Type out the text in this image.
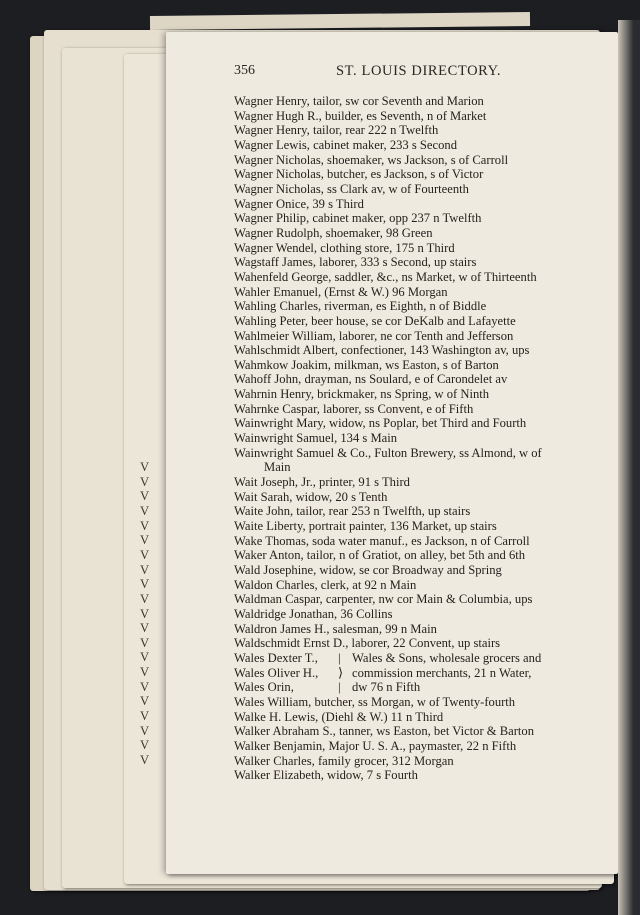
V
V
V
V
V
V
V
V
V
V
V
V
V
V
V
V
V
V
V
V
V
356	ST. LOUIS DIRECTORY.
Wagner Henry, tailor, sw cor Seventh and Marion
Wagner Hugh R., builder, es Seventh, n of Market
Wagner Henry, tailor, rear 222 n Twelfth
Wagner Lewis, cabinet maker, 233 s Second
Wagner Nicholas, shoemaker, ws Jackson, s of Carroll
Wagner Nicholas, butcher, es Jackson, s of Victor
Wagner Nicholas, ss Clark av, w of Fourteenth
Wagner Onice, 39 s Third
Wagner Philip, cabinet maker, opp 237 n Twelfth
Wagner Rudolph, shoemaker, 98 Green
Wagner Wendel, clothing store, 175 n Third
Wagstaff James, laborer, 333 s Second, up stairs
Wahenfeld George, saddler, &c., ns Market, w of Thirteenth
Wahler Emanuel, (Ernst & W.) 96 Morgan
Wahling Charles, riverman, es Eighth, n of Biddle
Wahling Peter, beer house, se cor DeKalb and Lafayette
Wahlmeier William, laborer, ne cor Tenth and Jefferson
Wahlschmidt Albert, confectioner, 143 Washington av, ups
Wahmkow Joakim, milkman, ws Easton, s of Barton
Wahoff John, drayman, ns Soulard, e of Carondelet av
Wahrnin Henry, brickmaker, ns Spring, w of Ninth
Wahrnke Caspar, laborer, ss Convent, e of Fifth
Wainwright Mary, widow, ns Poplar, bet Third and Fourth
Wainwright Samuel, 134 s Main
Wainwright Samuel & Co., Fulton Brewery, ss Almond, w of
Main
Wait Joseph, Jr., printer, 91 s Third
Wait Sarah, widow, 20 s Tenth
Waite John, tailor, rear 253 n Twelfth, up stairs
Waite Liberty, portrait painter, 136 Market, up stairs
Wake Thomas, soda water manuf., es Jackson, n of Carroll
Waker Anton, tailor, n of Gratiot, on alley, bet 5th and 6th
Wald Josephine, widow, se cor Broadway and Spring
Waldon Charles, clerk, at 92 n Main
Waldman Caspar, carpenter, nw cor Main & Columbia, ups
Waldridge Jonathan, 36 Collins
Waldron James H., salesman, 99 n Main
Waldschmidt Ernst D., laborer, 22 Convent, up stairs
Wales Dexter T.,
Wales Oliver H.,
Wales Orin,
|
⟩
|
Wales & Sons, wholesale grocers and
commission merchants, 21 n Water,
dw 76 n Fifth
Wales William, butcher, ss Morgan, w of Twenty-fourth
Walke H. Lewis, (Diehl & W.) 11 n Third
Walker Abraham S., tanner, ws Easton, bet Victor & Barton
Walker Benjamin, Major U. S. A., paymaster, 22 n Fifth
Walker Charles, family grocer, 312 Morgan
Walker Elizabeth, widow, 7 s Fourth
